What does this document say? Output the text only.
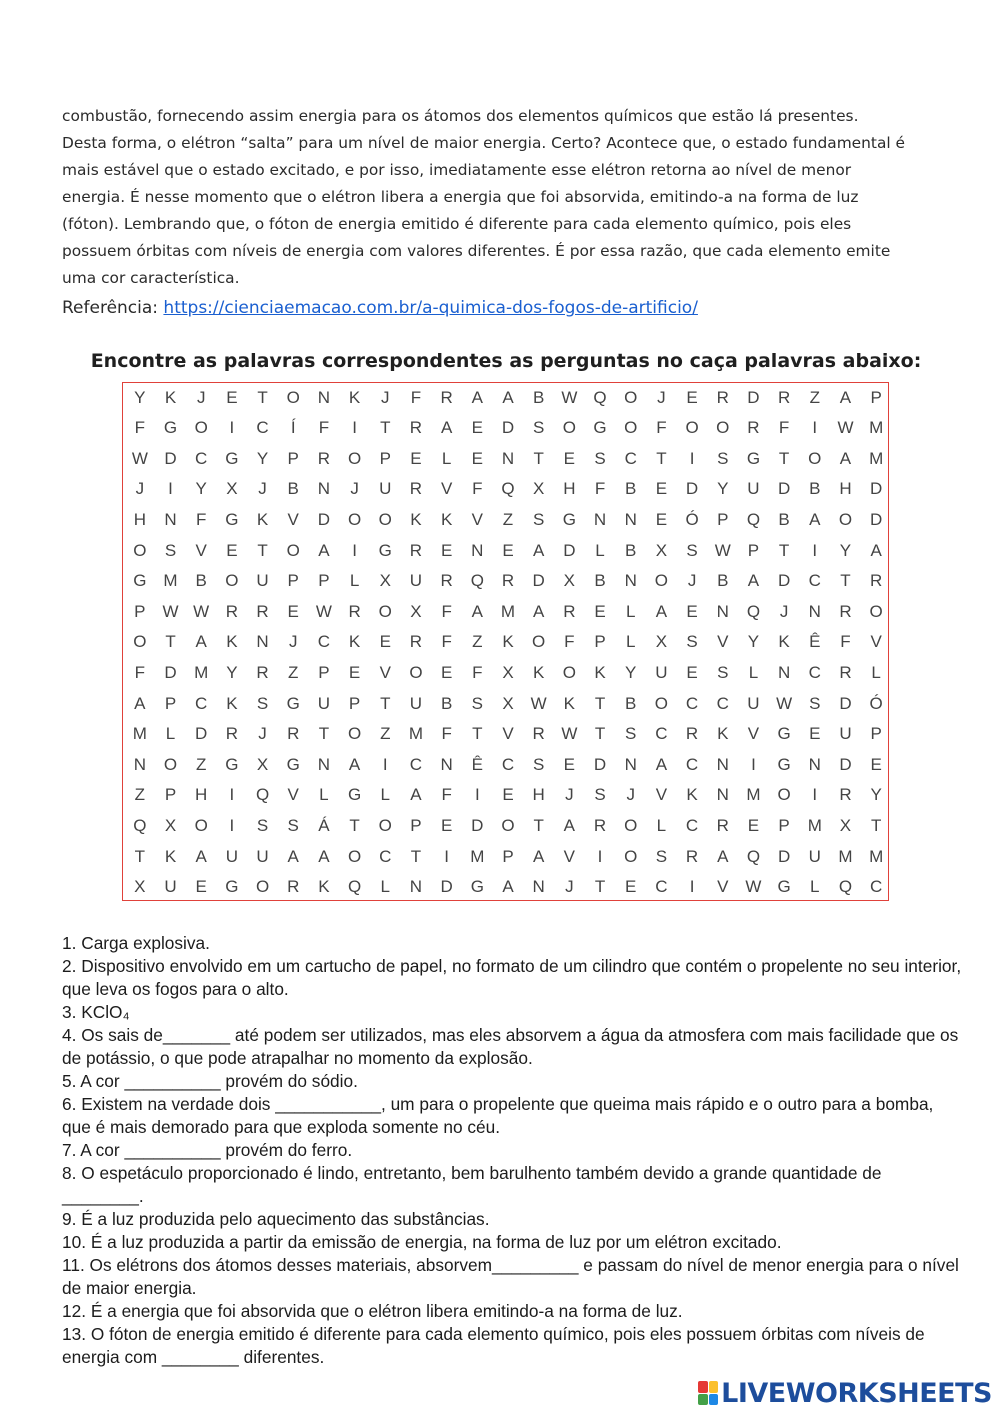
combustão, fornecendo assim energia para os átomos dos elementos químicos que estão lá presentes.

Desta forma, o elétron “salta” para um nível de maior energia. Certo? Acontece que, o estado fundamental é

mais estável que o estado excitado, e por isso, imediatamente esse elétron retorna ao nível de menor

energia. É nesse momento que o elétron libera a energia que foi absorvida, emitindo-a na forma de luz

(fóton). Lembrando que, o fóton de energia emitido é diferente para cada elemento químico, pois eles

possuem órbitas com níveis de energia com valores diferentes. É por essa razão, que cada elemento emite

uma cor característica.

Referência: https://cienciaemacao.com.br/a-quimica-dos-fogos-de-artificio/
Encontre as palavras correspondentes as perguntas no caça palavras abaixo:
Y	K	J	E	T	O	N	K	J	F	R	A	A	B	W Q	O	J	E	R	D	R	Z	A	P
F	G	O	I	C	Í	F	I	T	R	A	E	D	S	O	G	O	F	O	O	R	F	I	W M
W D	C	G	Y	P	R	O	P	E	L	E	N	T	E	S	C	T	I	S	G	T	O	A	M
J	I	Y	X	J	B	N	J	U	R	V	F	Q	X	H	F	B	E	D	Y	U	D	B	H	D
H	N	F	G	K	V	D	O	O	K	K	V	Z	S	G	N	N	E	Ó	P	Q	B	A	O	D
O	S	V	E	T	O	A	I	G	R	E	N	E	A	D	L	B	X	S W P	T	I	Y	A
G M	B	O	U	P	P	L	X	U	R	Q	R	D	X	B	N	O	J	B	A	D	C	T	R
P W W R	R	E	W R	O	X	F	A	M	A	R	E	L	A	E	N	Q	J	N	R	O
O	T	A	K	N	J	C	K	E	R	F	Z	K	O	F	P	L	X	S	V	Y	K	Ê	F	V
F	D	M	Y	R	Z	P	E	V	O	E	F	X	K	O	K	Y	U	E	S	L	N	C	R	L
A	P	C	K	S	G	U	P	T	U	B	S	X W K	T	B	O	C	C	U W S	D	Ó
M	L	D	R	J	R	T	O	Z	M	F	T	V	R W	T	S	C	R	K	V	G	E	U	P
N	O	Z	G	X	G	N	A	I	C	N	Ê	C	S	E	D	N	A	C	N	I	G	N	D	E
Z	P	H	I	Q	V	L	G	L	A	F	I	E	H	J	S	J	V	K	N	M O	I	R	Y
Q	X	O	I	S	S	Á	T	O	P	E	D	O	T	A	R	O	L	C	R	E	P	M	X	T
T	K	A	U	U	A	A	O	C	T	I	M	P	A	V	I	O	S	R	A	Q	D	U	M M
X	U	E	G	O	R	K	Q	L	N	D	G	A	N	J	T	E	C	I	V	W G	L	Q	C

1. Carga explosiva.

2. Dispositivo envolvido em um cartucho de papel, no formato de um cilindro que contém o propelente no seu interior, que leva os fogos para o alto.

3. KClO₄

4. Os sais de_______ até podem ser utilizados, mas eles absorvem a água da atmosfera com mais facilidade que os de potássio, o que pode atrapalhar no momento da explosão.

5. A cor __________ provém do sódio.

6. Existem na verdade dois ___________, um para o propelente que queima mais rápido e o outro para a bomba, que é mais demorado para que exploda somente no céu.

7. A cor __________ provém do ferro.

8. O espetáculo proporcionado é lindo, entretanto, bem barulhento também devido a grande quantidade de ________.

9. É a luz produzida pelo aquecimento das substâncias.

10. É a luz produzida a partir da emissão de energia, na forma de luz por um elétron excitado.

11. Os elétrons dos átomos desses materiais, absorvem_________ e passam do nível de menor energia para o nível de maior energia.

12. É a energia que foi absorvida que o elétron libera emitindo-a na forma de luz.

13. O fóton de energia emitido é diferente para cada elemento químico, pois eles possuem órbitas com níveis de energia com ________ diferentes.

LIVEWORKSHEETS
